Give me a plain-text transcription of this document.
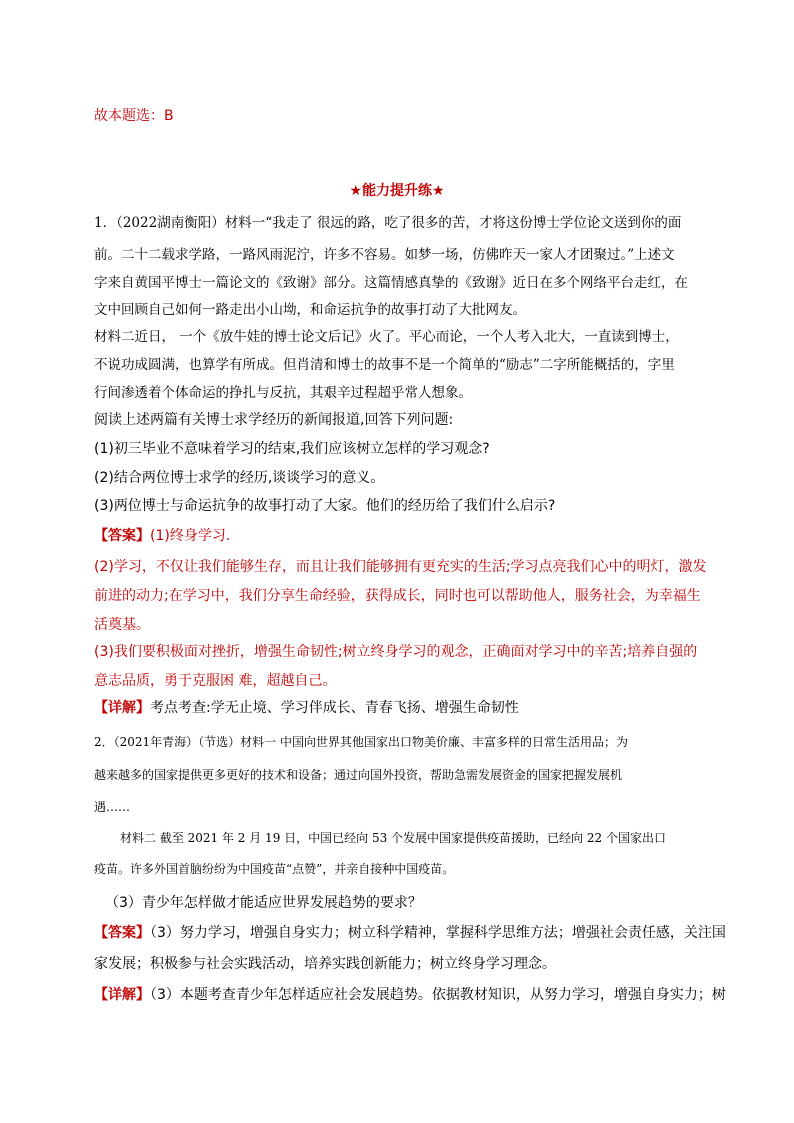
故本题选：B
★能力提升练★
1．（2022湖南衡阳）材料一“我走了 很远的路，吃了很多的苦，才将这份博士学位论文送到你的面
前。二十二载求学路，一路风雨泥泞，许多不容易。如梦一场，仿佛昨天一家人才团聚过。”上述文
字来自黄国平博士一篇论文的《致谢》部分。这篇情感真挚的《致谢》近日在多个网络平台走红，在
文中回顾自己如何一路走出小山坳，和命运抗争的故事打动了大批网友。
材料二近日， 一个《放牛娃的博士论文后记》火了。平心而论，一个人考入北大，一直读到博士，
不说功成圆满，也算学有所成。但肖清和博士的故事不是一个简单的“励志”二字所能概括的，字里
行间渗透着个体命运的挣扎与反抗，其艰辛过程超乎常人想象。
阅读上述两篇有关博士求学经历的新闻报道,回答下列问题:
(1)初三毕业不意味着学习的结束,我们应该树立怎样的学习观念?
(2)结合两位博士求学的经历,谈谈学习的意义。
(3)两位博士与命运抗争的故事打动了大家。他们的经历给了我们什么启示?
【答案】(1)终身学习.
(2)学习，不仅让我们能够生存，而且让我们能够拥有更充实的生活;学习点亮我们心中的明灯，激发
前进的动力;在学习中，我们分享生命经验，获得成长，同时也可以帮助他人，服务社会，为幸福生
活奠基。
(3)我们要积极面对挫折，增强生命韧性;树立终身学习的观念，正确面对学习中的辛苦;培养自强的
意志品质，勇于克服困 难，超越自己。
【详解】考点考查:学无止境、学习伴成长、青春飞扬、增强生命韧性
2．（2021年青海）（节选）材料一 中国向世界其他国家出口物美价廉、丰富多样的日常生活用品；为
越来越多的国家提供更多更好的技术和设备；通过向国外投资，帮助急需发展资金的国家把握发展机
遇……
材料二 截至 2021 年 2 月 19 日，中国已经向 53 个发展中国家提供疫苗援助，已经向 22 个国家出口
疫苗。许多外国首脑纷纷为中国疫苗“点赞”，并亲自接种中国疫苗。
（3）青少年怎样做才能适应世界发展趋势的要求？
【答案】（3）努力学习，增强自身实力；树立科学精神，掌握科学思维方法；增强社会责任感，关注国
家发展；积极参与社会实践活动，培养实践创新能力；树立终身学习理念。
【详解】（3）本题考查青少年怎样适应社会发展趋势。依据教材知识，从努力学习，增强自身实力；树
